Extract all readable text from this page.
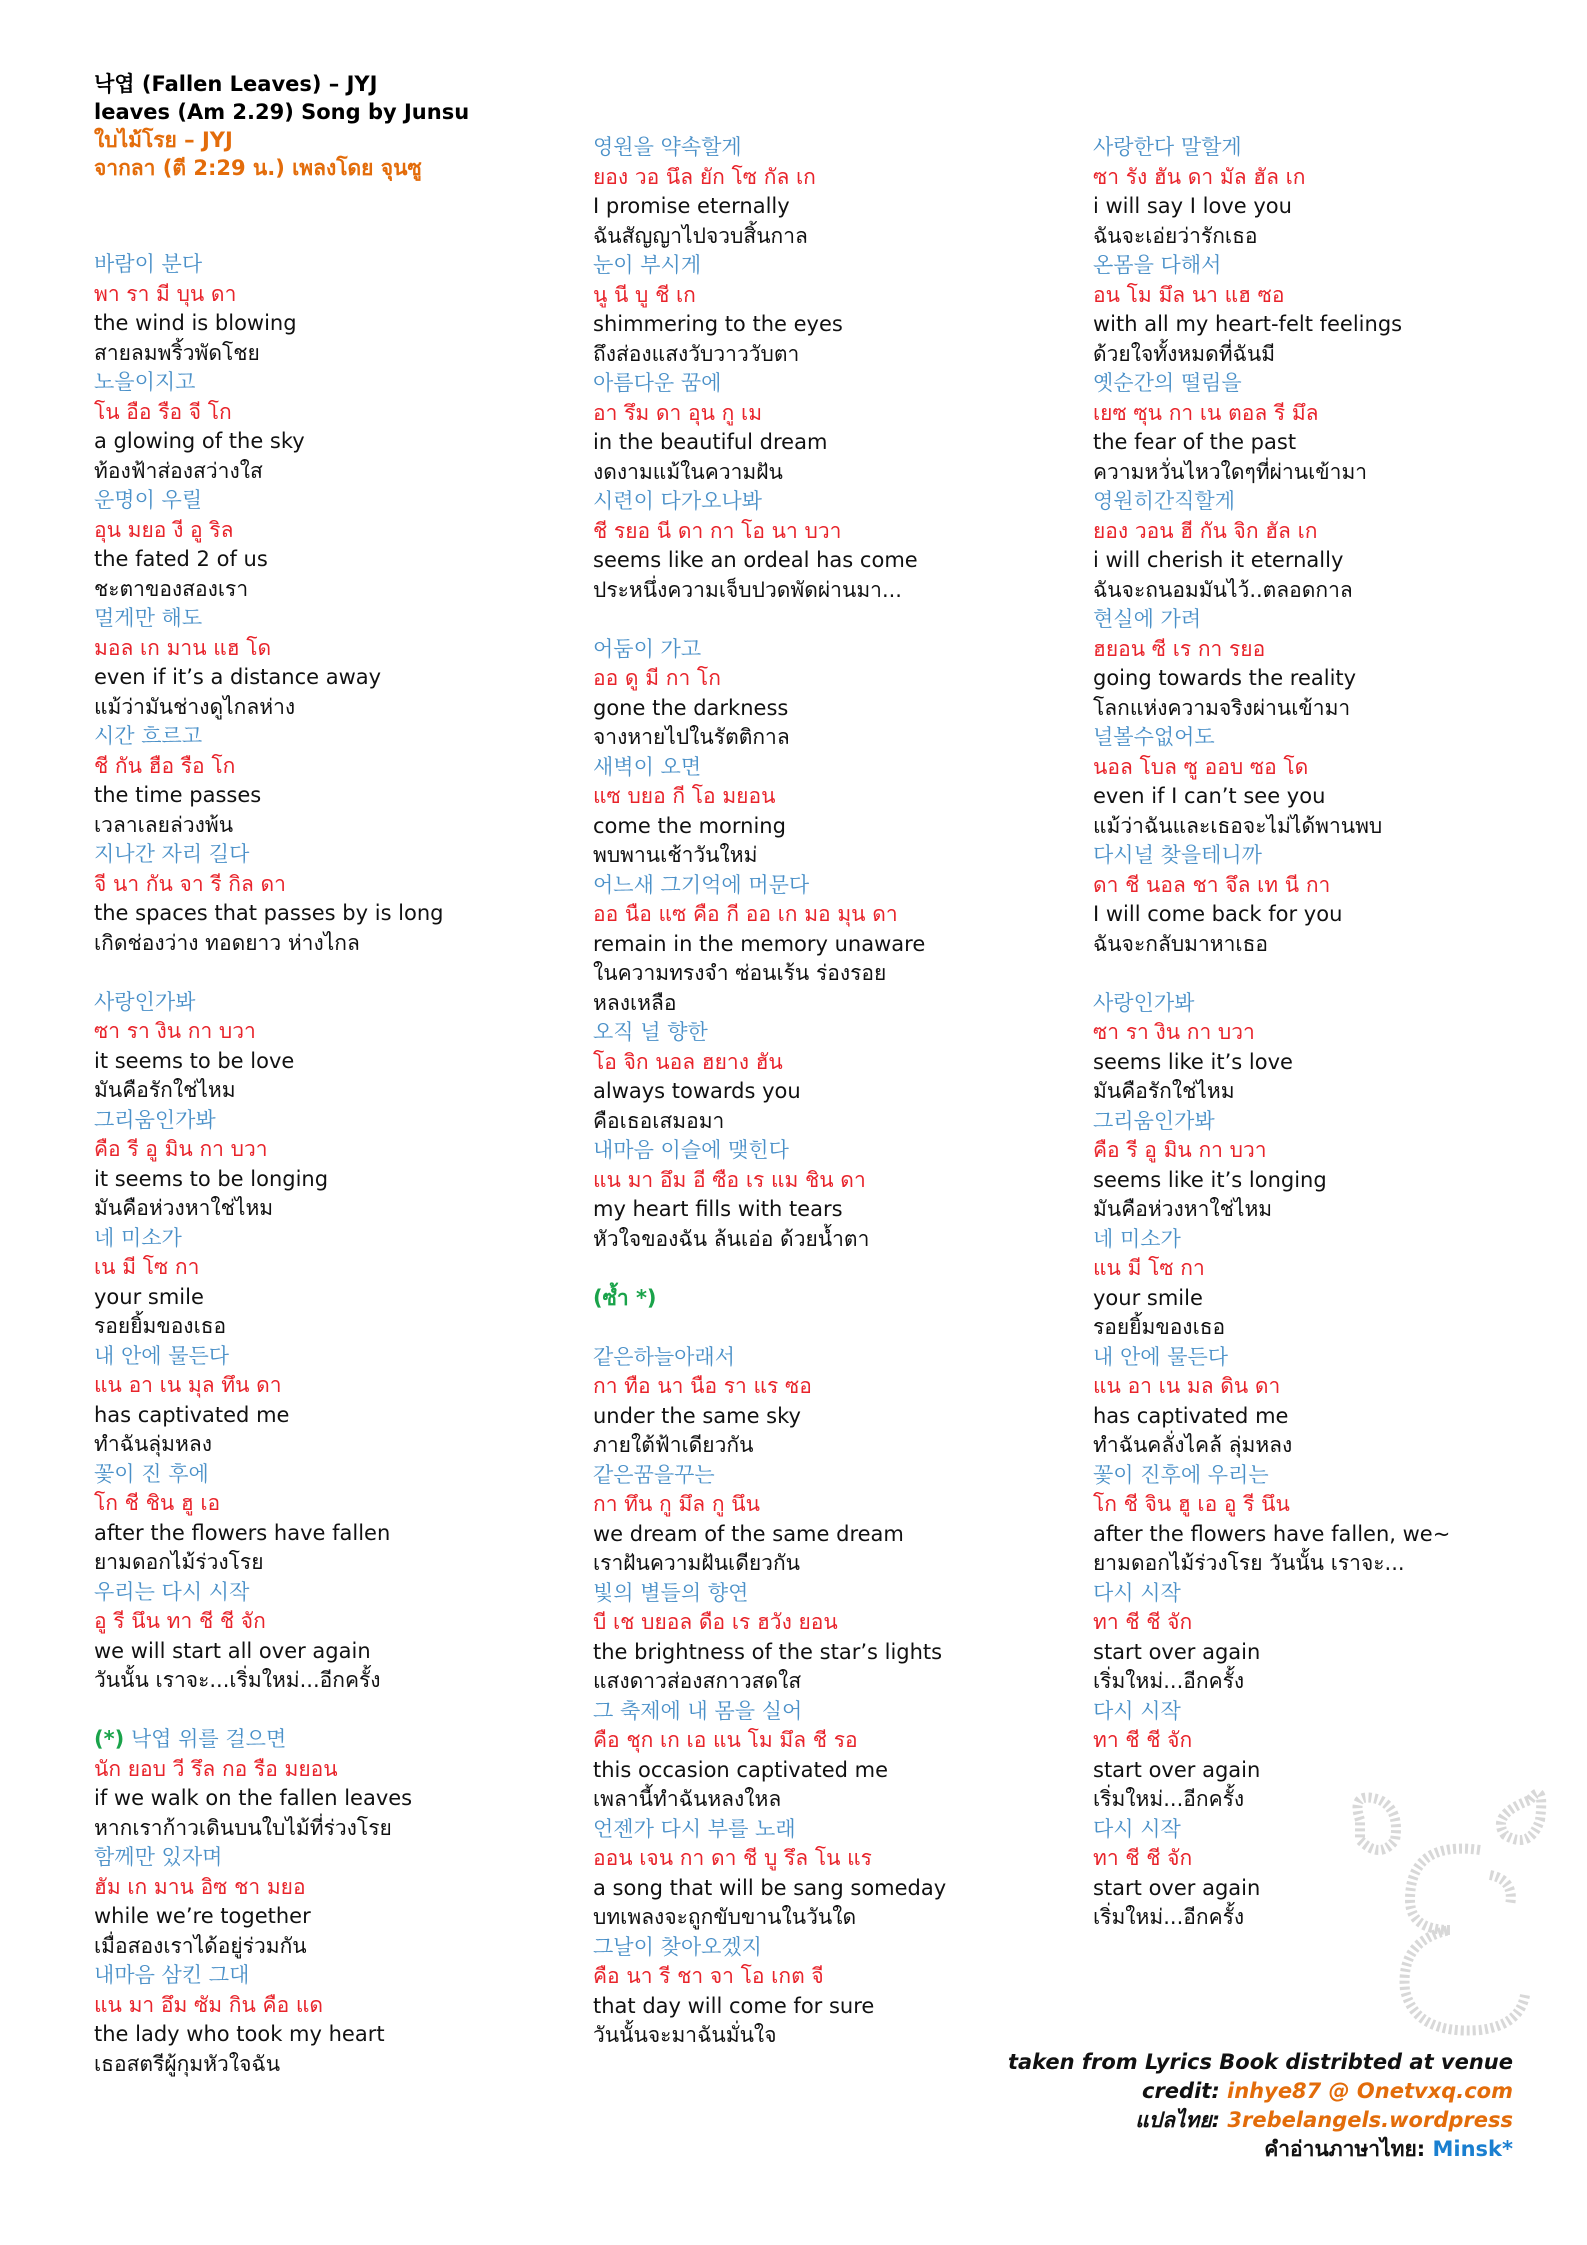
낙엽 (Fallen Leaves) – JYJ
leaves (Am 2.29) Song by Junsu
ใบไม้โรย – JYJ
จากลา (ตี 2:29 น.) เพลงโดย จุนซู
바람이 분다
พา รา มี บุน ดา
the wind is blowing
สายลมพริ้วพัดโชย
노을이지고
โน อือ รือ จี โก
a glowing of the sky
ท้องฟ้าส่องสว่างใส
운명이 우릴
อุน มยอ งี อู ริล
the fated 2 of us
ชะตาของสองเรา
멀게만 해도
มอล เก มาน แฮ โด
even if it’s a distance away
แม้ว่ามันช่างดูไกลห่าง
시간 흐르고
ชี กัน ฮือ รือ โก
the time passes
เวลาเลยล่วงพ้น
지나간 자리 길다
จี นา กัน จา รี กิล ดา
the spaces that passes by is long
เกิดช่องว่าง ทอดยาว ห่างไกล
사랑인가봐
ซา รา งิน กา บวา
it seems to be love
มันคือรักใช่ไหม
그리움인가봐
คือ รี อู มิน กา บวา
it seems to be longing
มันคือห่วงหาใช่ไหม
네 미소가
เน มี โซ กา
your smile
รอยยิ้มของเธอ
내 안에 물든다
แน อา เน มุล ทึน ดา
has captivated me
ทำฉันลุ่มหลง
꽃이 진 후에
โก ชี ชิน ฮู เอ
after the flowers have fallen
ยามดอกไม้ร่วงโรย
우리는 다시 시작
อู รี นึน ทา ชี ชี จัก
we will start all over again
วันนั้น เราจะ...เริ่มใหม่...อีกครั้ง
(*) 낙엽 위를 걸으면
นัก ยอบ วี รึล กอ รือ มยอน
if we walk on the fallen leaves
หากเราก้าวเดินบนใบไม้ที่ร่วงโรย
함께만 있자며
ฮัม เก มาน อิซ ชา มยอ
while we’re together
เมื่อสองเราได้อยู่ร่วมกัน
내마음 삼킨 그대
แน มา อึม ซัม กิน คือ แด
the lady who took my heart
เธอสตรีผู้กุมหัวใจฉัน
영원을 약속할게
ยอง วอ นึล ยัก โซ กัล เก
I promise eternally
ฉันสัญญาไปจวบสิ้นกาล
눈이 부시게
นู นี บู ชี เก
shimmering to the eyes
ถึงส่องแสงวับวาววับตา
아름다운 꿈에
อา รึม ดา อุน กู เม
in the beautiful dream
งดงามแม้ในความฝัน
시련이 다가오나봐
ชี รยอ นี ดา กา โอ นา บวา
seems like an ordeal has come
ประหนึ่งความเจ็บปวดพัดผ่านมา...
어둠이 가고
ออ ดู มี กา โก
gone the darkness
จางหายไปในรัตติกาล
새벽이 오면
แซ บยอ กี โอ มยอน
come the morning
พบพานเช้าวันใหม่
어느새 그기억에 머문다
ออ นือ แซ คือ กี ออ เก มอ มุน ดา
remain in the memory unaware
ในความทรงจำ ซ่อนเร้น ร่องรอย
หลงเหลือ
오직 널 향한
โอ จิก นอล ฮยาง ฮัน
always towards you
คือเธอเสมอมา
내마음 이슬에 맺힌다
แน มา อึม อี ซือ เร แม ชิน ดา
my heart fills with tears
หัวใจของฉัน ล้นเอ่อ ด้วยน้ำตา
(ซ้ำ *)
같은하늘아래서
กา ทือ นา นือ รา แร ซอ
under the same sky
ภายใต้ฟ้าเดียวกัน
같은꿈을꾸는
กา ทึน กู มึล กู นึน
we dream of the same dream
เราฝันความฝันเดียวกัน
빛의 별들의 향연
บี เช บยอล ดือ เร ฮวัง ยอน
the brightness of the star’s lights
แสงดาวส่องสกาวสดใส
그 축제에 내 몸을 실어
คือ ชุก เก เอ แน โม มึล ชี รอ
this occasion captivated me
เพลานี้ทำฉันหลงใหล
언젠가 다시 부를 노래
ออน เจน กา ดา ชี บู รึล โน แร
a song that will be sang someday
บทเพลงจะถูกขับขานในวันใด
그날이 찾아오겠지
คือ นา รี ชา จา โอ เกต จี
that day will come for sure
วันนั้นจะมาฉันมั่นใจ
사랑한다 말할게
ซา รัง ฮัน ดา มัล ฮัล เก
i will say I love you
ฉันจะเอ่ยว่ารักเธอ
온몸을 다해서
อน โม มึล นา แฮ ซอ
with all my heart-felt feelings
ด้วยใจทั้งหมดที่ฉันมี
옛순간의 떨림을
เยซ ซุน กา เน ตอล รี มึล
the fear of the past
ความหวั่นไหวใดๆที่ผ่านเข้ามา
영원히간직할게
ยอง วอน ฮี กัน จิก ฮัล เก
i will cherish it eternally
ฉันจะถนอมมันไว้..ตลอดกาล
현실에 가려
ฮยอน ซี เร กา รยอ
going towards the reality
โลกแห่งความจริงผ่านเข้ามา
널볼수없어도
นอล โบล ซู ออบ ซอ โด
even if I can’t see you
แม้ว่าฉันและเธอจะไม่ได้พานพบ
다시널 찾을테니까
ดา ชี นอล ชา จึล เท นี กา
I will come back for you
ฉันจะกลับมาหาเธอ
사랑인가봐
ซา รา งิน กา บวา
seems like it’s love
มันคือรักใช่ไหม
그리움인가봐
คือ รี อู มิน กา บวา
seems like it’s longing
มันคือห่วงหาใช่ไหม
네 미소가
แน มี โซ กา
your smile
รอยยิ้มของเธอ
내 안에 물든다
แน อา เน มล ดิน ดา
has captivated me
ทำฉันคลั่งไคล้ ลุ่มหลง
꽃이 진후에 우리는
โก ชี จิน ฮู เอ อู รี นึน
after the flowers have fallen, we~
ยามดอกไม้ร่วงโรย วันนั้น เราจะ...
다시 시작
ทา ชี ชี จัก
start over again
เริ่มใหม่...อีกครั้ง
다시 시작
ทา ชี ชี จัก
start over again
เริ่มใหม่...อีกครั้ง
다시 시작
ทา ชี ชี จัก
start over again
เริ่มใหม่...อีกครั้ง
taken from Lyrics Book distribted at venue
credit: inhye87 @ Onetvxq.com
แปลไทย: 3rebelangels.wordpress
คำอ่านภาษาไทย: Minsk*
